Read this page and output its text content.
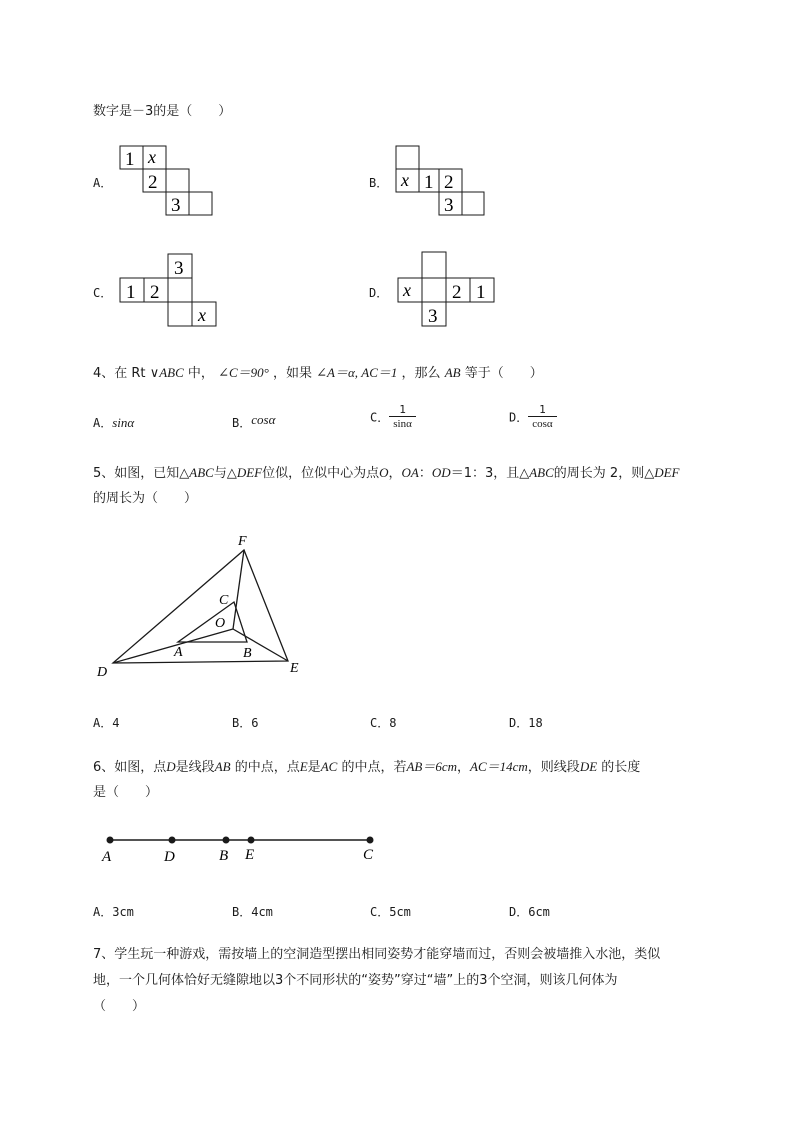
数字是－3的是（　　）
A．
1 x
2
3
B． x 1 2
3
C．
3
1 2
x
D． x 2 1
3
4、在 Rt ∨ABC 中， ∠C＝90° ，如果 ∠A＝α, AC＝1 ，那么 AB 等于（　　）
A．sinα	B．cosα	C． $\frac{1}{\sin\alpha}$	D． $\frac{1}{\cos\alpha}$
5、如图，已知△ABC与△DEF位似，位似中心为点O，OA：OD＝1：3，且△ABC的周长为 2，则△DEF
的周长为（　　）
F
C
O
A	B
D	E
A．4	B．6	C．8	D．18
6、如图，点D是线段AB 的中点，点E是AC 的中点，若AB＝6cm，AC＝14cm，则线段DE 的长度
是（　　）
A	D	B E	C
A．3cm	B．4cm	C．5cm	D．6cm
7、学生玩一种游戏，需按墙上的空洞造型摆出相同姿势才能穿墙而过，否则会被墙推入水池，类似
地，一个几何体恰好无缝隙地以3个不同形状的“姿势”穿过“墙”上的3个空洞，则该几何体为
（　　）
